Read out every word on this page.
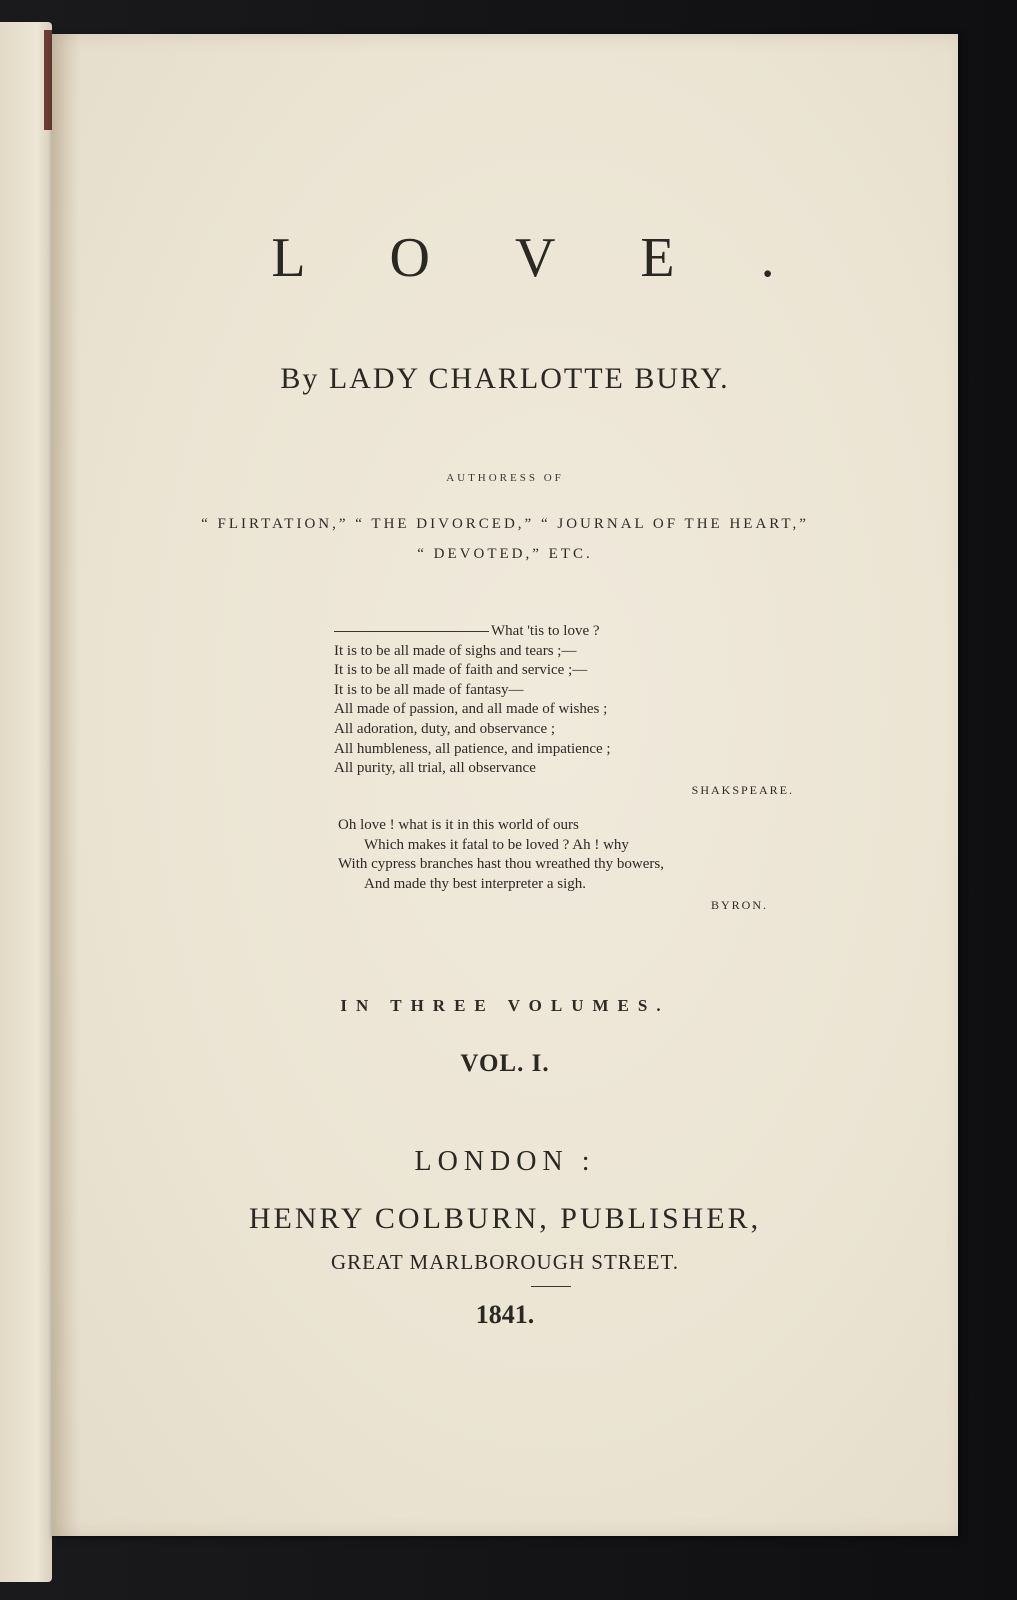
L O V E .
By LADY CHARLOTTE BURY.
AUTHORESS OF
“ FLIRTATION,” “ THE DIVORCED,” “ JOURNAL OF THE HEART,”
“ DEVOTED,” ETC.
What 'tis to love ?
It is to be all made of sighs and tears ;—
It is to be all made of faith and service ;—
It is to be all made of fantasy—
All made of passion, and all made of wishes ;
All adoration, duty, and observance ;
All humbleness, all patience, and impatience ;
All purity, all trial, all observance
SHAKSPEARE.
Oh love ! what is it in this world of ours
Which makes it fatal to be loved ? Ah ! why
With cypress branches hast thou wreathed thy bowers,
And made thy best interpreter a sigh.
BYRON.
IN THREE VOLUMES.
VOL. I.
LONDON :
HENRY COLBURN, PUBLISHER,
GREAT MARLBOROUGH STREET.
1841.
